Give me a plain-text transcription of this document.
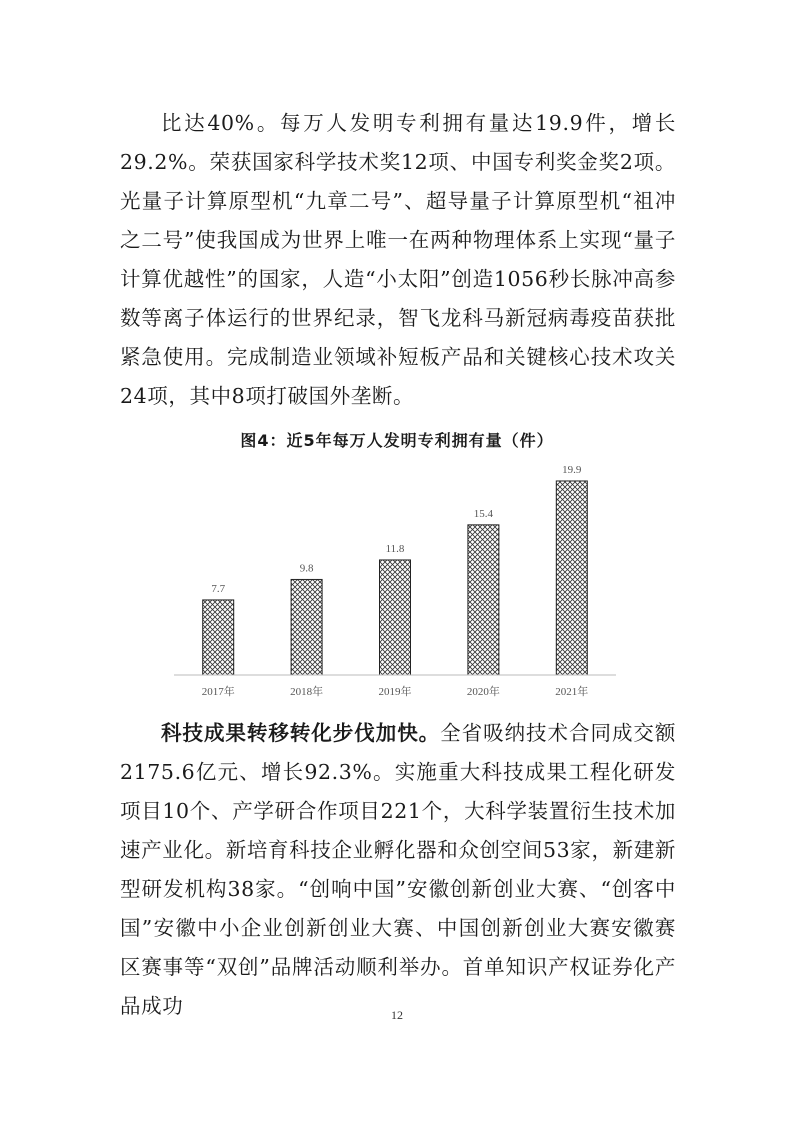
比达40%。每万人发明专利拥有量达19.9件，增长29.2%。荣获国家科学技术奖12项、中国专利奖金奖2项。光量子计算原型机“九章二号”、超导量子计算原型机“祖冲之二号”使我国成为世界上唯一在两种物理体系上实现“量子计算优越性”的国家，人造“小太阳”创造1056秒长脉冲高参数等离子体运行的世界纪录，智飞龙科马新冠病毒疫苗获批紧急使用。完成制造业领域补短板产品和关键核心技术攻关24项，其中8项打破国外垄断。

图4：近5年每万人发明专利拥有量（件）
7.7
9.8
11.8
15.4
19.9
2017年	2018年	2019年	2020年	2021年

科技成果转移转化步伐加快。全省吸纳技术合同成交额2175.6亿元、增长92.3%。实施重大科技成果工程化研发项目10个、产学研合作项目221个，大科学装置衍生技术加速产业化。新培育科技企业孵化器和众创空间53家，新建新型研发机构38家。“创响中国”安徽创新创业大赛、“创客中国”安徽中小企业创新创业大赛、中国创新创业大赛安徽赛区赛事等“双创”品牌活动顺利举办。首单知识产权证券化产品成功	12
